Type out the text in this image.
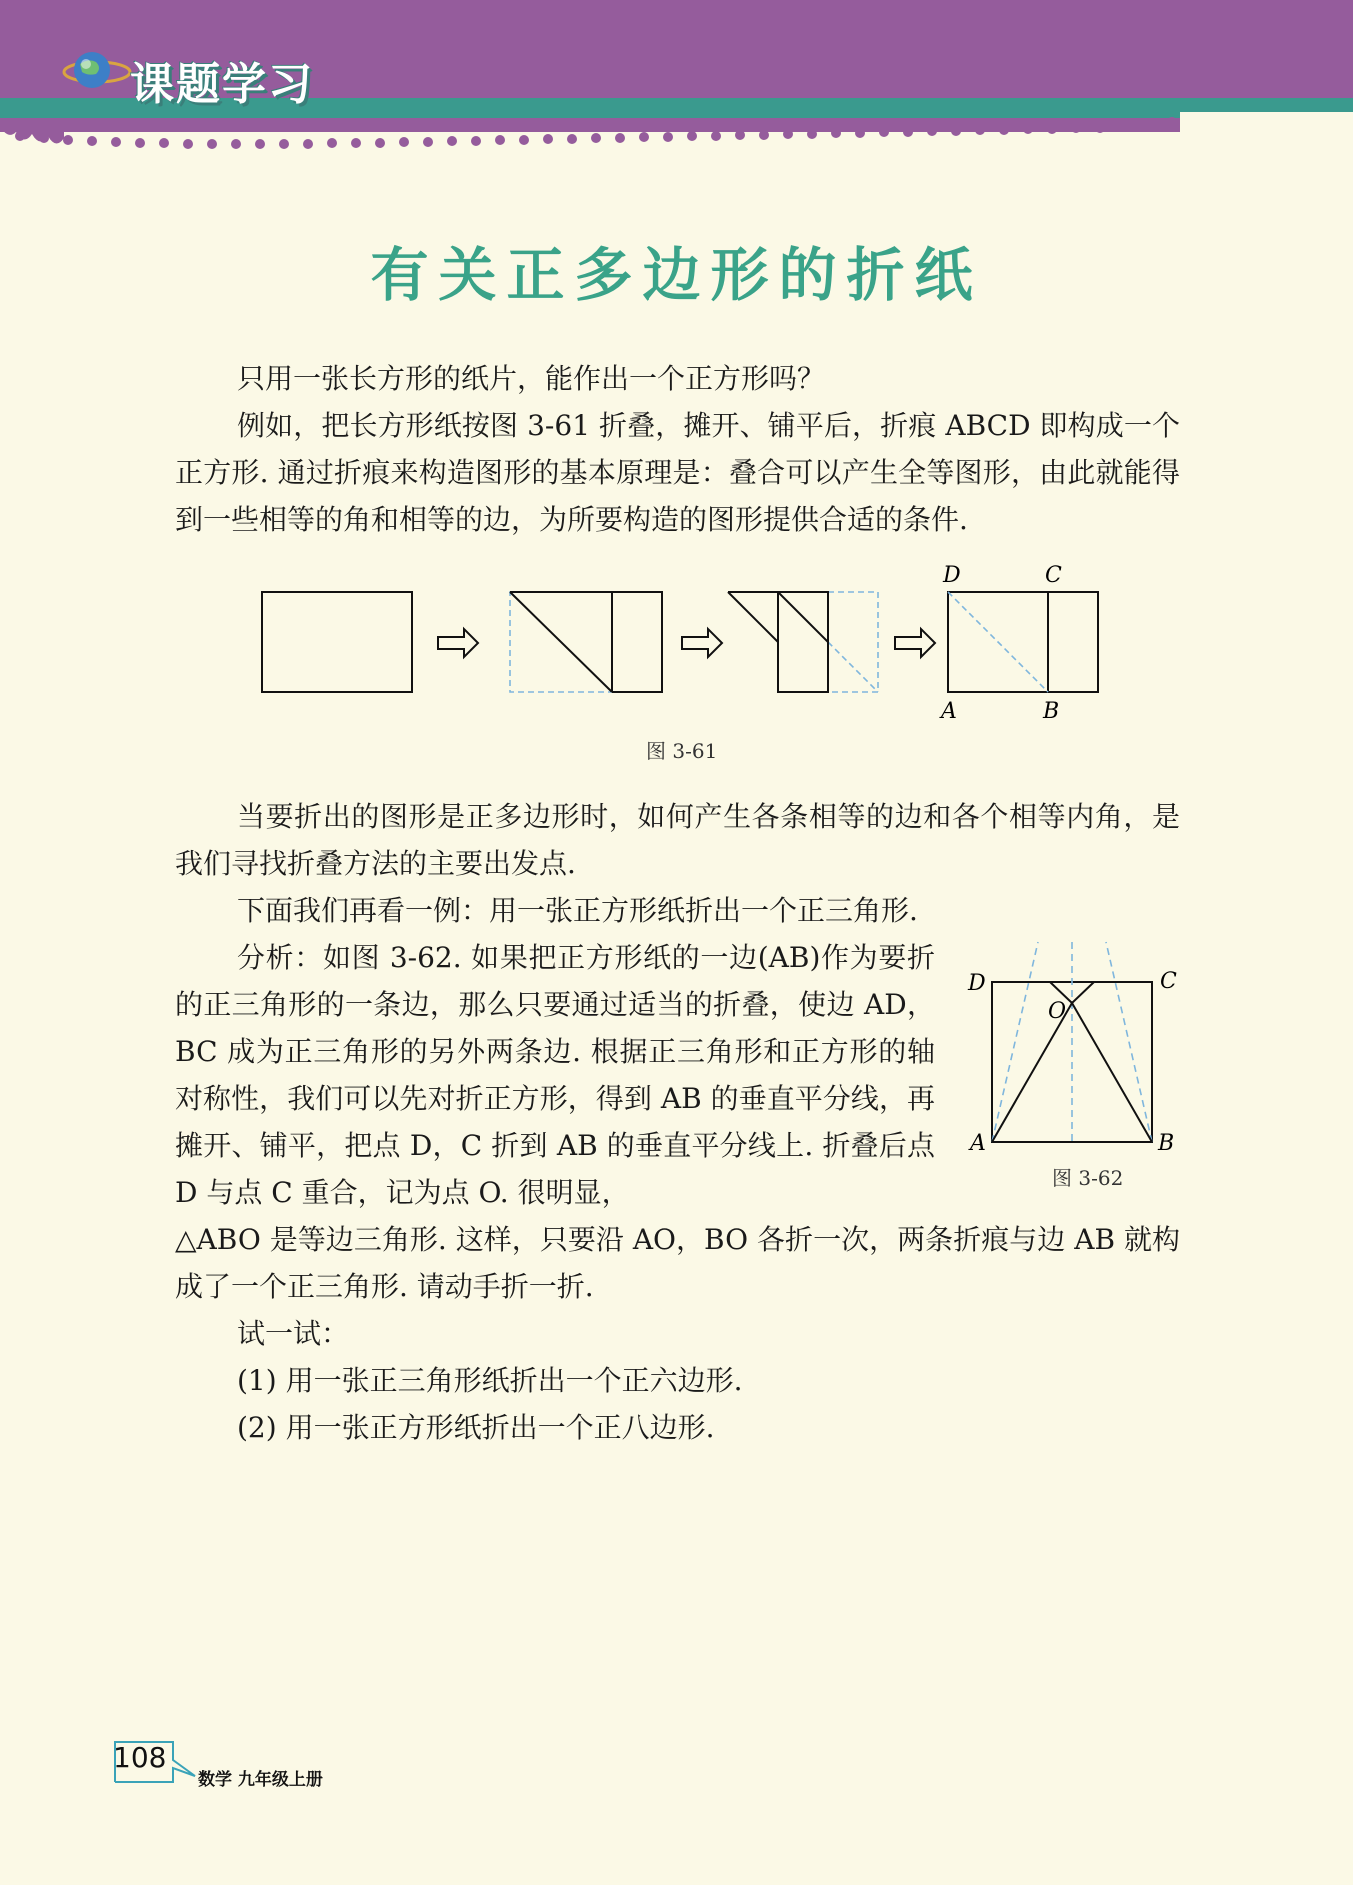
课题学习
有关正多边形的折纸

只用一张长方形的纸片，能作出一个正方形吗？

例如，把长方形纸按图 3-61 折叠，摊开、铺平后，折痕 ABCD 即构成一个正方形. 通过折痕来构造图形的基本原理是：叠合可以产生全等图形，由此就能得到一些相等的角和相等的边，为所要构造的图形提供合适的条件.

D	C
A	B
图 3-61

当要折出的图形是正多边形时，如何产生各条相等的边和各个相等内角，是我们寻找折叠方法的主要出发点.

下面我们再看一例：用一张正方形纸折出一个正三角形.

分析：如图 3-62. 如果把正方形纸的一边(AB)作为要折的正三角形的一条边，那么只要通过适当的折叠，使边 AD，BC 成为正三角形的另外两条边. 根据正三角形和正方形的轴对称性，我们可以先对折正方形，得到 AB 的垂直平分线，再摊开、铺平，把点 D，C 折到 AB 的垂直平分线上. 折叠后点 D 与点 C 重合，记为点 O. 很明显，

△ABO 是等边三角形. 这样，只要沿 AO，BO 各折一次，两条折痕与边 AB 就构成了一个正三角形. 请动手折一折.

试一试：

(1) 用一张正三角形纸折出一个正六边形.

(2) 用一张正方形纸折出一个正八边形.

D	C
O
A	B
图 3-62
108
数学 九年级上册
